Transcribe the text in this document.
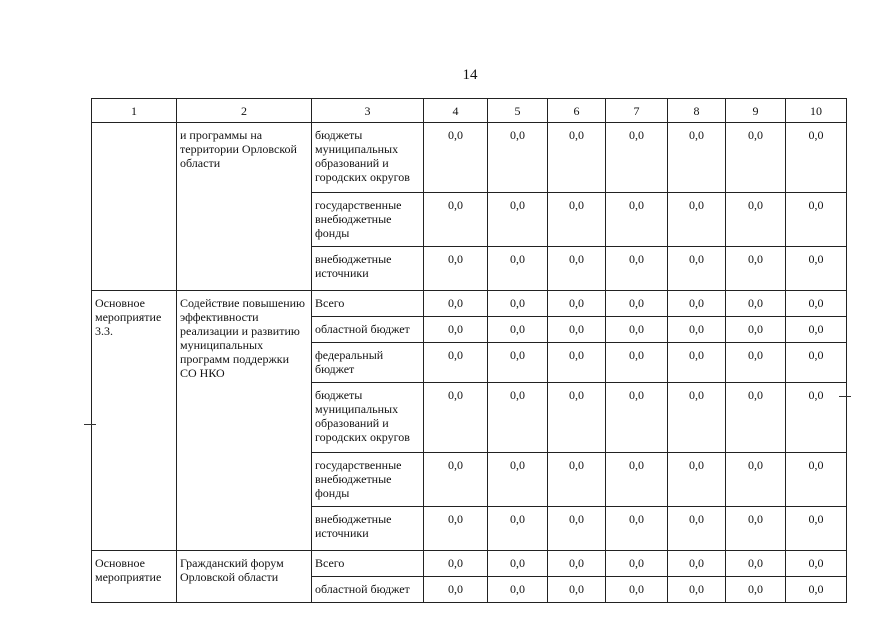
14
1	2	3	4	5	6	7	8	9	10
	и программы на территории Орловской области	бюджеты муниципальных образований и городских округов	0,0	0,0	0,0	0,0	0,0	0,0	0,0
		государственные внебюджетные фонды	0,0	0,0	0,0	0,0	0,0	0,0	0,0
		внебюджетные источники	0,0	0,0	0,0	0,0	0,0	0,0	0,0
Основное мероприятие 3.3.	Содействие повышению эффективности реализации и развитию муниципальных программ поддержки СО НКО	Всего	0,0	0,0	0,0	0,0	0,0	0,0	0,0
		областной бюджет	0,0	0,0	0,0	0,0	0,0	0,0	0,0
		федеральный бюджет	0,0	0,0	0,0	0,0	0,0	0,0	0,0
		бюджеты муниципальных образований и городских округов	0,0	0,0	0,0	0,0	0,0	0,0	0,0
		государственные внебюджетные фонды	0,0	0,0	0,0	0,0	0,0	0,0	0,0
		внебюджетные источники	0,0	0,0	0,0	0,0	0,0	0,0	0,0
Основное мероприятие	Гражданский форум Орловской области	Всего	0,0	0,0	0,0	0,0	0,0	0,0	0,0
		областной бюджет	0,0	0,0	0,0	0,0	0,0	0,0	0,0
